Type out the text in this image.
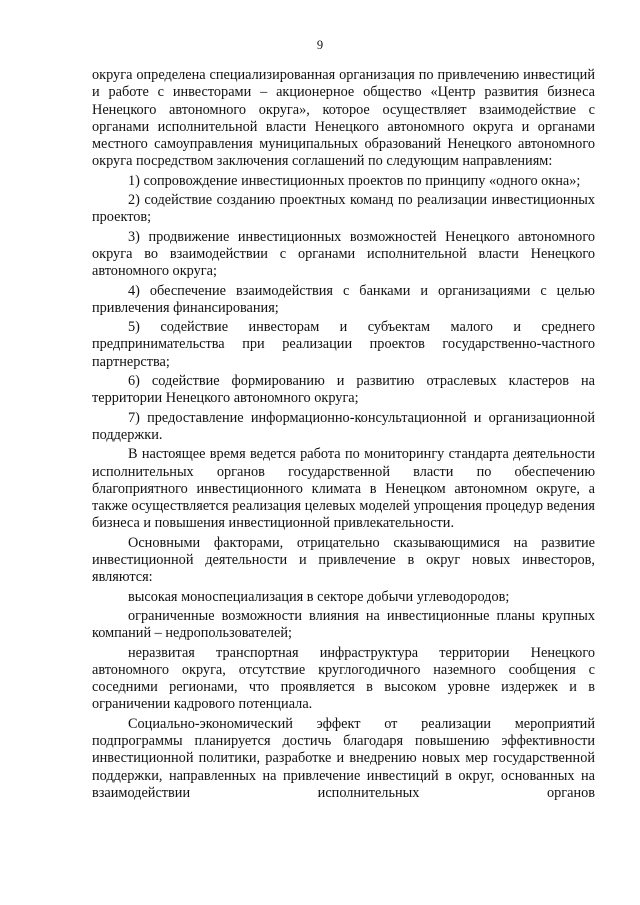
9

округа определена специализированная организация по привлечению инвестиций и работе с инвесторами – акционерное общество «Центр развития бизнеса Ненецкого автономного округа», которое осуществляет взаимодействие с органами исполнительной власти Ненецкого автономного округа и органами местного самоуправления муниципальных образований Ненецкого автономного округа посредством заключения соглашений по следующим направлениям:

1) сопровождение инвестиционных проектов по принципу «одного окна»;

2) содействие созданию проектных команд по реализации инвестиционных проектов;

3) продвижение инвестиционных возможностей Ненецкого автономного округа во взаимодействии с органами исполнительной власти Ненецкого автономного округа;

4) обеспечение взаимодействия с банками и организациями с целью привлечения финансирования;

5) содействие инвесторам и субъектам малого и среднего предпринимательства при реализации проектов государственно-частного партнерства;

6) содействие формированию и развитию отраслевых кластеров на территории Ненецкого автономного округа;

7) предоставление информационно-консультационной и организационной поддержки.

В настоящее время ведется работа по мониторингу стандарта деятельности исполнительных органов государственной власти по обеспечению благоприятного инвестиционного климата в Ненецком автономном округе, а также осуществляется реализация целевых моделей упрощения процедур ведения бизнеса и повышения инвестиционной привлекательности.

Основными факторами, отрицательно сказывающимися на развитие инвестиционной деятельности и привлечение в округ новых инвесторов, являются:

высокая моноспециализация в секторе добычи углеводородов;

ограниченные возможности влияния на инвестиционные планы крупных компаний – недропользователей;

неразвитая транспортная инфраструктура территории Ненецкого автономного округа, отсутствие круглогодичного наземного сообщения с соседними регионами, что проявляется в высоком уровне издержек и в ограничении кадрового потенциала.

Социально-экономический эффект от реализации мероприятий подпрограммы планируется достичь благодаря повышению эффективности инвестиционной политики, разработке и внедрению новых мер государственной поддержки, направленных на привлечение инвестиций в округ, основанных на взаимодействии исполнительных органов
